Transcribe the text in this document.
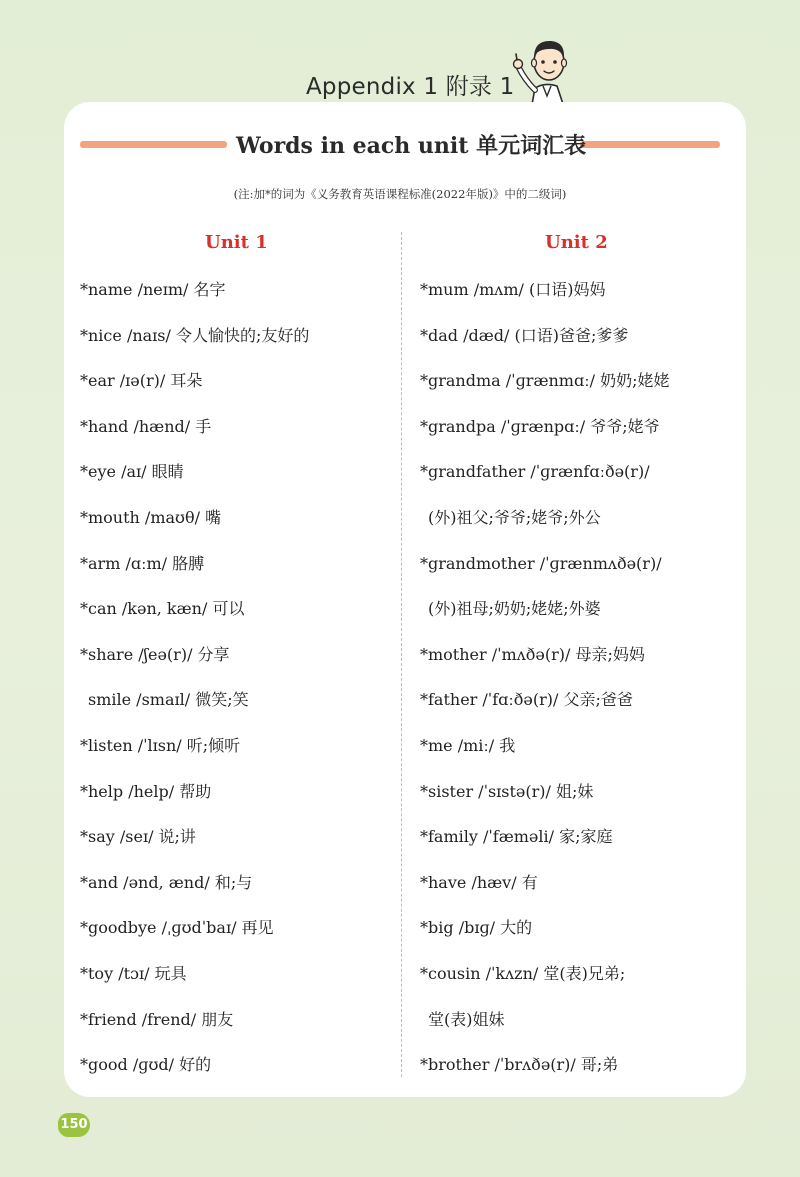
Appendix 1 附录 1
Words in each unit 单元词汇表
(注:加*的词为《义务教育英语课程标准(2022年版)》中的二级词)
Unit 1	Unit 2
*name /neɪm/ 名字
*nice /naɪs/ 令人愉快的;友好的
*ear /ɪə(r)/ 耳朵
*hand /hænd/ 手
*eye /aɪ/ 眼睛
*mouth /maʊθ/ 嘴
*arm /ɑːm/ 胳膊
*can /kən, kæn/ 可以
*share /ʃeə(r)/ 分享
smile /smaɪl/ 微笑;笑
*listen /ˈlɪsn/ 听;倾听
*help /help/ 帮助
*say /seɪ/ 说;讲
*and /ənd, ænd/ 和;与
*goodbye /ˌɡʊdˈbaɪ/ 再见
*toy /tɔɪ/ 玩具
*friend /frend/ 朋友
*good /ɡʊd/ 好的
*mum /mʌm/ (口语)妈妈
*dad /dæd/ (口语)爸爸;爹爹
*grandma /ˈɡrænmɑː/ 奶奶;姥姥
*grandpa /ˈɡrænpɑː/ 爷爷;姥爷
*grandfather /ˈɡrænfɑːðə(r)/
(外)祖父;爷爷;姥爷;外公
*grandmother /ˈɡrænmʌðə(r)/
(外)祖母;奶奶;姥姥;外婆
*mother /ˈmʌðə(r)/ 母亲;妈妈
*father /ˈfɑːðə(r)/ 父亲;爸爸
*me /miː/ 我
*sister /ˈsɪstə(r)/ 姐;妹
*family /ˈfæməli/ 家;家庭
*have /hæv/ 有
*big /bɪɡ/ 大的
*cousin /ˈkʌzn/ 堂(表)兄弟;
堂(表)姐妹
*brother /ˈbrʌðə(r)/ 哥;弟
150
